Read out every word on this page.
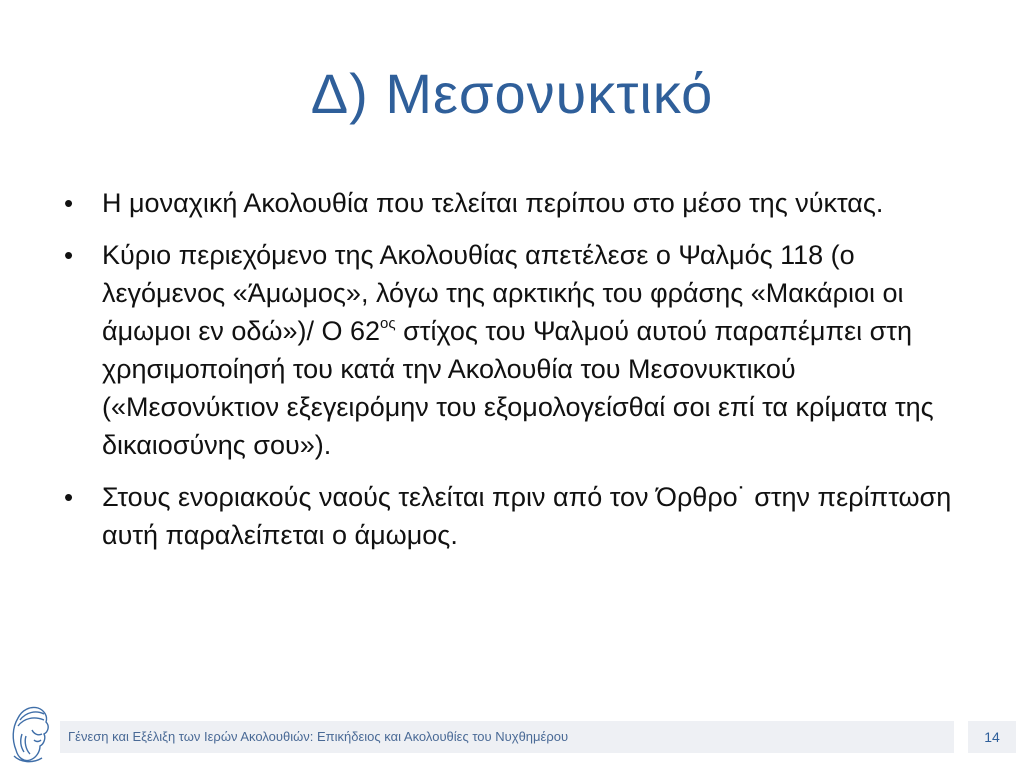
Δ) Μεσονυκτικό
• Η μοναχική Ακολουθία που τελείται περίπου στο μέσο της νύκτας.
• Κύριο περιεχόμενο της Ακολουθίας απετέλεσε ο Ψαλμός 118 (ο λεγόμενος «Άμωμος», λόγω της αρκτικής του φράσης «Μακάριοι οι άμωμοι εν οδώ»)/ Ο $62^{o\varsigma}$ στίχος του Ψαλμού αυτού παραπέμπει στη χρησιμοποίησή του κατά την Ακολουθία του Μεσονυκτικού («Μεσονύκτιον εξεγειρόμην του εξομολογείσθαί σοι επί τα κρίματα της δικαιοσύνης σου»).
• Στους ενοριακούς ναούς τελείται πριν από τον Όρθρο˙ στην περίπτωση αυτή παραλείπεται ο άμωμος.
Γένεση και Εξέλιξη των Ιερών Ακολουθιών: Επικήδειος και Ακολουθίες του Νυχθημέρου	14
